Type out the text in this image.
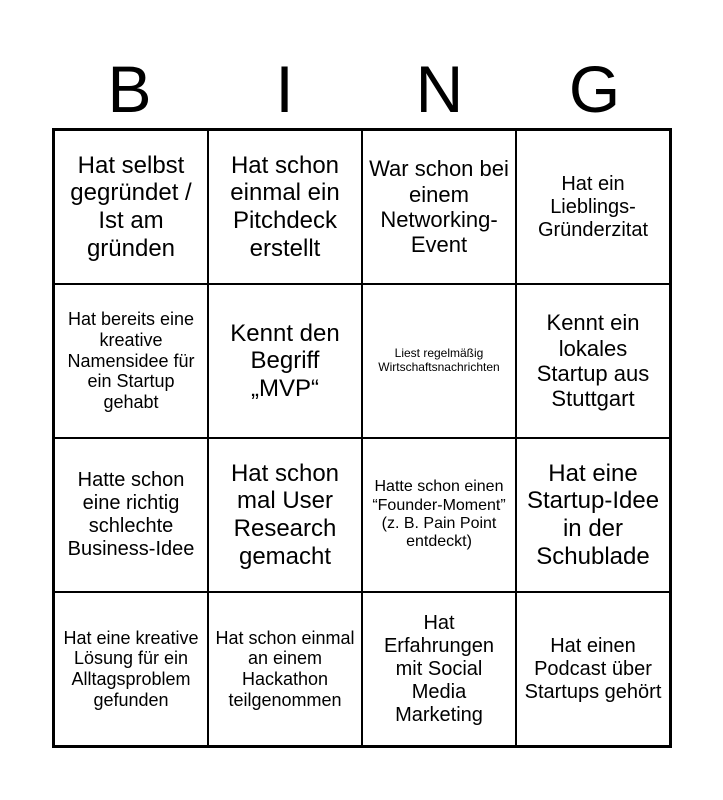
B	I	N	G
Hat selbst gegründet / Ist am gründen
Hat schon einmal ein Pitchdeck erstellt
War schon bei einem Networking-Event
Hat ein Lieblings-Gründerzitat
Hat bereits eine kreative Namensidee für ein Startup gehabt
Kennt den Begriff „MVP“
Liest regelmäßig Wirtschaftsnachrichten
Kennt ein lokales Startup aus Stuttgart
Hatte schon eine richtig schlechte Business-Idee
Hat schon mal User Research gemacht
Hatte schon einen “Founder-Moment” (z. B. Pain Point entdeckt)
Hat eine Startup-Idee in der Schublade
Hat eine kreative Lösung für ein Alltagsproblem gefunden
Hat schon einmal an einem Hackathon teilgenommen
Hat Erfahrungen mit Social Media Marketing
Hat einen Podcast über Startups gehört
